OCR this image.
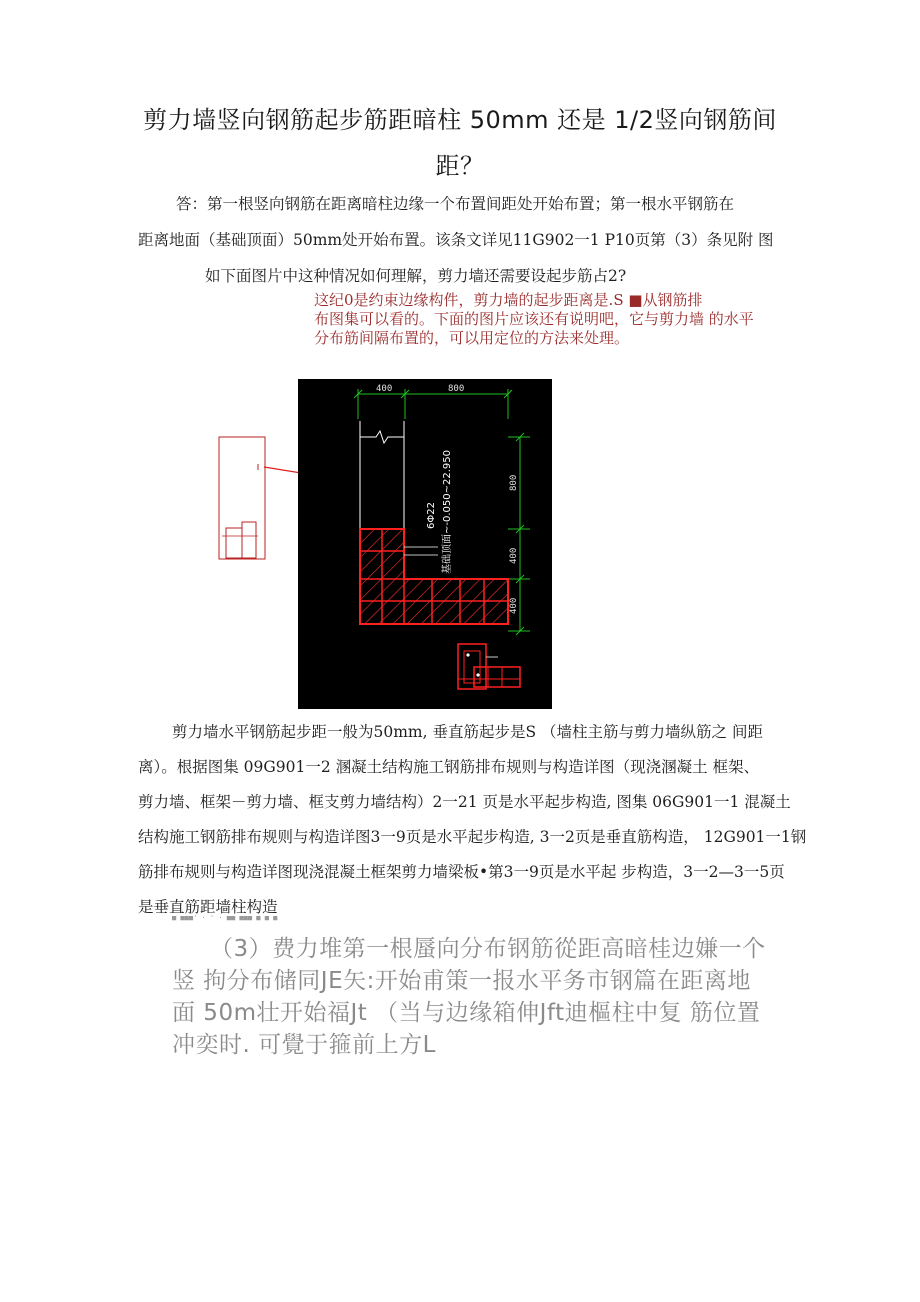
剪力墙竖向钢筋起步筋距暗柱 50mm 还是 1/2竖向钢筋间
距？
答：第一根竖向钢筋在距离暗柱边缘一个布置间距处开始布置；第一根水平钢筋在
距离地面（基础顶面）50mm处开始布置。该条文详见11G902一1 P10页第（3）条见附 图
如下面图片中这种情况如何理解，剪力墙还需要设起步筋占2?
这纪0是约束边缘构件，剪力墙的起步距离是.S ■从钢筋排
布图集可以看的。下面的图片应该还有说明吧，它与剪力墙 的水平
分布筋间隔布置的，可以用定位的方法来处理。
400	800
800
400
400
6Φ22 基础顶面~-0.050~22.950
剪力墙水平钢筋起步距一般为50mm, 垂直筋起步是S （墙柱主筋与剪力墙纵筋之 间距
离）。根据图集 09G901一2 溷凝土结构施工钢筋排布规则与构造详图（现浇溷凝土 框架、
剪力墙、框架－剪力墙、框支剪力墙结构）2一21 页是水平起步构造, 图集 06G901一1 混凝土
结构施工钢筋排布规则与构造详图3一9页是水平起步构造, 3一2页是垂直筋构造， 12G901一1钢
筋排布规则与构造详图现浇混凝土框架剪力墙梁板•第3一9页是水平起 步构造，3一2—3一5页
是垂直筋距墙柱构造
■ ■■■' · ' · ■■ ■■■ ■ ■ ■
（3）费力堆第一根蜃向分布钢筋從距高暗桂边嫌一个
竖 拘分布储同JE矢:开始甫策一报水平务市钢篇在距离地
面 50m壮开始福Jt （当与边缘箱伸Jft迪樞柱中复 筋位置
冲奕时. 可覺于箍前上方L
